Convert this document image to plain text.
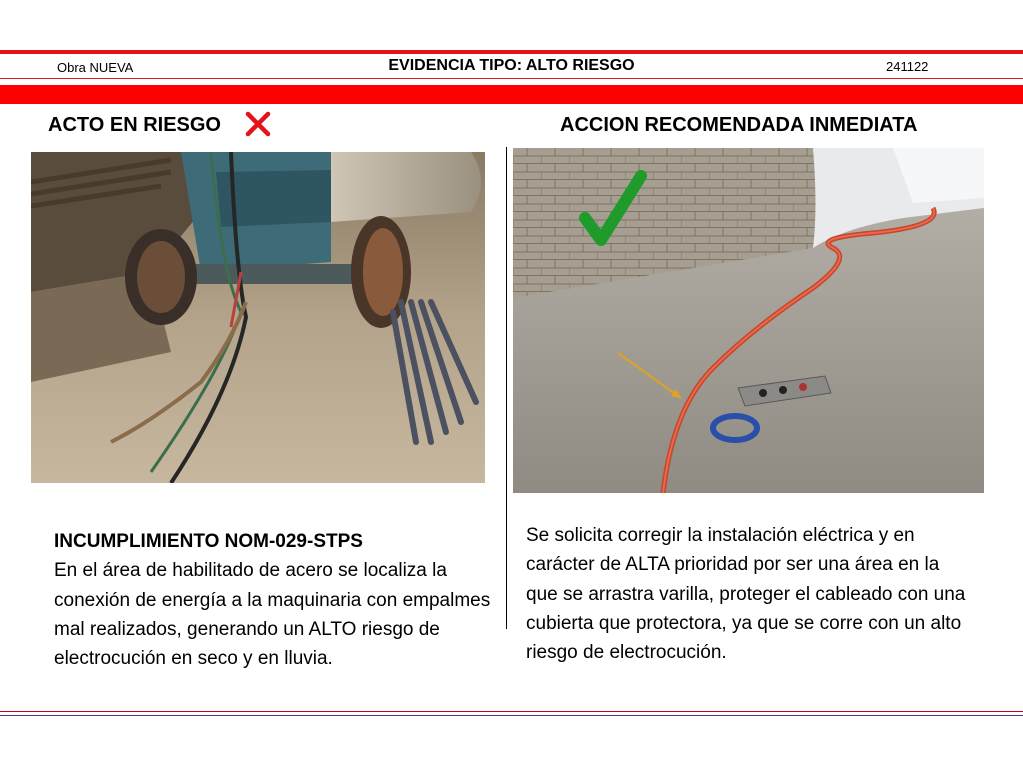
Obra NUEVA	EVIDENCIA TIPO: ALTO RIESGO	241122
ACTO EN RIESGO	ACCION RECOMENDADA INMEDIATA
INCUMPLIMIENTO NOM-029-STPS
En el área de habilitado de acero se localiza la conexión de energía a la maquinaria con empalmes mal realizados, generando un ALTO riesgo de electrocución en seco y en lluvia.
Se solicita corregir la instalación eléctrica y en carácter de ALTA prioridad por ser una área en la que se arrastra varilla, proteger el cableado con una cubierta que protectora, ya que se corre con un alto riesgo de electrocución.
